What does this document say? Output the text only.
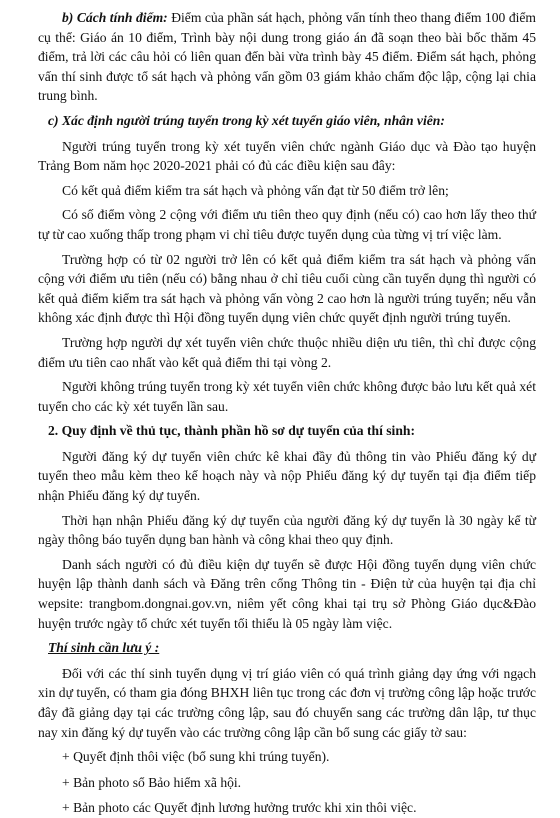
b) Cách tính điểm: Điểm của phần sát hạch, phỏng vấn tính theo thang điểm 100 điểm cụ thể: Giáo án 10 điểm, Trình bày nội dung trong giáo án đã soạn theo bài bốc thăm 45 điểm, trả lời các câu hỏi có liên quan đến bài vừa trình bày 45 điểm. Điểm sát hạch, phỏng vấn thí sinh được tổ sát hạch và phỏng vấn gồm 03 giám khảo chấm độc lập, cộng lại chia trung bình.

c) Xác định người trúng tuyển trong kỳ xét tuyển giáo viên, nhân viên:

Người trúng tuyển trong kỳ xét tuyển viên chức ngành Giáo dục và Đào tạo huyện Trảng Bom năm học 2020-2021 phải có đủ các điều kiện sau đây:

Có kết quả điểm kiểm tra sát hạch và phỏng vấn đạt từ 50 điểm trở lên;

Có số điểm vòng 2 cộng với điểm ưu tiên theo quy định (nếu có) cao hơn lấy theo thứ tự từ cao xuống thấp trong phạm vi chỉ tiêu được tuyển dụng của từng vị trí việc làm.

Trường hợp có từ 02 người trở lên có kết quả điểm kiểm tra sát hạch và phỏng vấn cộng với điểm ưu tiên (nếu có) bằng nhau ở chỉ tiêu cuối cùng cần tuyển dụng thì người có kết quả điểm kiểm tra sát hạch và phỏng vấn vòng 2 cao hơn là người trúng tuyển; nếu vẫn không xác định được thì Hội đồng tuyển dụng viên chức quyết định người trúng tuyển.

Trường hợp người dự xét tuyển viên chức thuộc nhiều diện ưu tiên, thì chỉ được cộng điểm ưu tiên cao nhất vào kết quả điểm thi tại vòng 2.

Người không trúng tuyển trong kỳ xét tuyển viên chức không được bảo lưu kết quả xét tuyển cho các kỳ xét tuyển lần sau.

2. Quy định về thủ tục, thành phần hồ sơ dự tuyển của thí sinh:

Người đăng ký dự tuyển viên chức kê khai đầy đủ thông tin vào Phiếu đăng ký dự tuyển theo mẫu kèm theo kế hoạch này và nộp Phiếu đăng ký dự tuyển tại địa điểm tiếp nhận Phiếu đăng ký dự tuyển.

Thời hạn nhận Phiếu đăng ký dự tuyển của người đăng ký dự tuyển là 30 ngày kể từ ngày thông báo tuyển dụng ban hành và công khai theo quy định.

Danh sách người có đủ điều kiện dự tuyển sẽ được Hội đồng tuyển dụng viên chức huyện lập thành danh sách và Đăng trên cổng Thông tin - Điện tử của huyện tại địa chỉ wepsite: trangbom.dongnai.gov.vn, niêm yết công khai tại trụ sở Phòng Giáo dục&Đào huyện trước ngày tổ chức xét tuyển tối thiểu là 05 ngày làm việc.

Thí sinh cần lưu ý :

Đối với các thí sinh tuyển dụng vị trí giáo viên có quá trình giảng dạy ứng với ngạch xin dự tuyển, có tham gia đóng BHXH liên tục trong các đơn vị trường công lập hoặc trước đây đã giảng dạy tại các trường công lập, sau đó chuyển sang các trường dân lập, tư thục nay xin đăng ký dự tuyển vào các trường công lập cần bổ sung các giấy tờ sau:

+ Quyết định thôi việc (bổ sung khi trúng tuyển).
+ Bản photo sổ Bảo hiểm xã hội.
+ Bản photo các Quyết định lương hưởng trước khi xin thôi việc.
